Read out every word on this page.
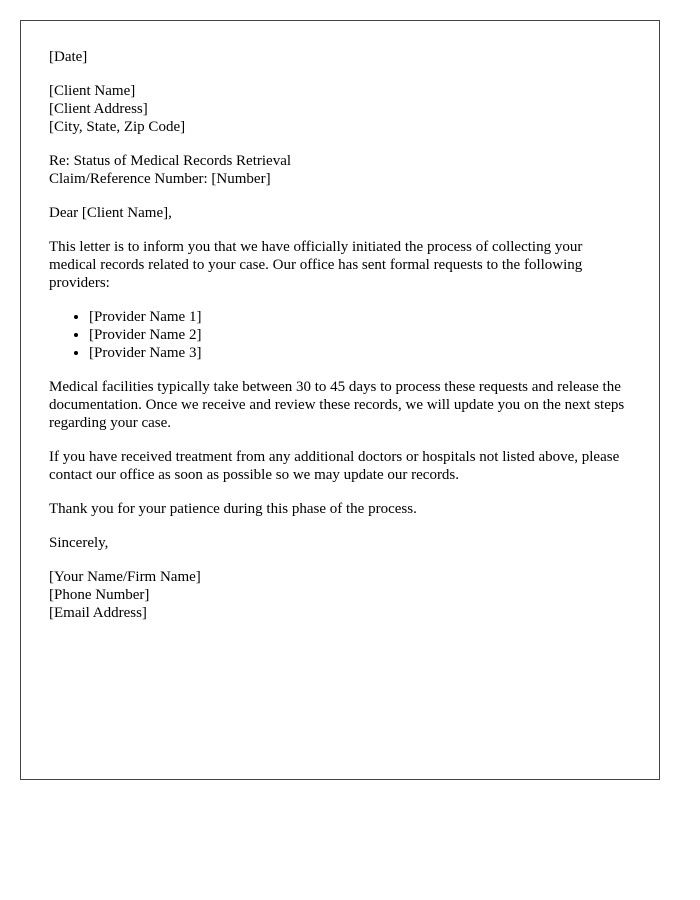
[Date]
[Client Name]
[Client Address]
[City, State, Zip Code]
Re: Status of Medical Records Retrieval
Claim/Reference Number: [Number]

Dear [Client Name],

This letter is to inform you that we have officially initiated the process of collecting your medical records related to your case. Our office has sent formal requests to the following providers:

• [Provider Name 1]
• [Provider Name 2]
• [Provider Name 3]

Medical facilities typically take between 30 to 45 days to process these requests and release the documentation. Once we receive and review these records, we will update you on the next steps regarding your case.

If you have received treatment from any additional doctors or hospitals not listed above, please contact our office as soon as possible so we may update our records.

Thank you for your patience during this phase of the process.

Sincerely,

[Your Name/Firm Name]
[Phone Number]
[Email Address]
